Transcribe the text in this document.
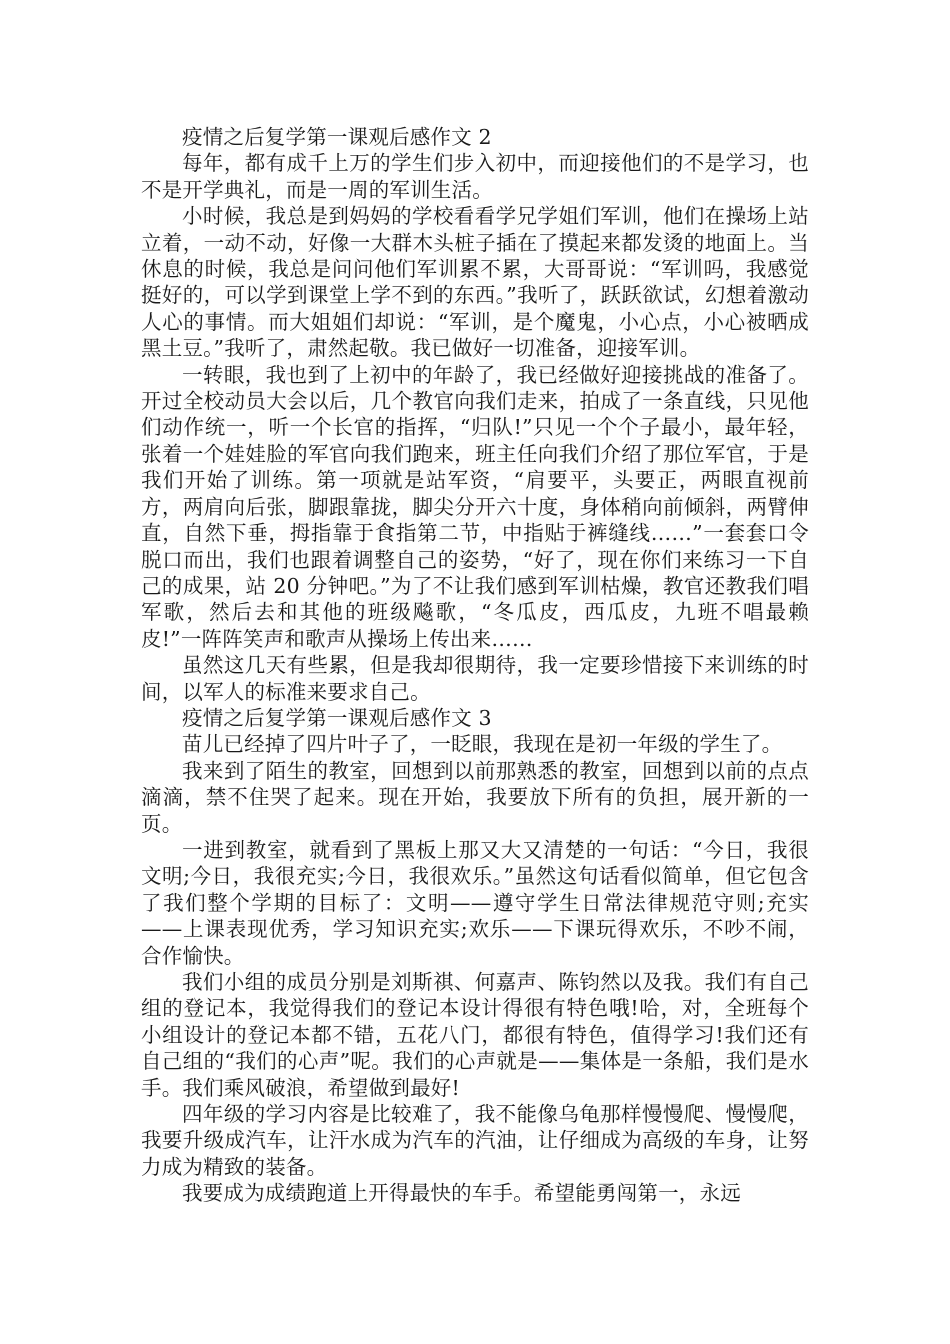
疫情之后复学第一课观后感作文 2

每年，都有成千上万的学生们步入初中，而迎接他们的不是学习，也不是开学典礼，而是一周的军训生活。

小时候，我总是到妈妈的学校看看学兄学姐们军训，他们在操场上站立着，一动不动，好像一大群木头桩子插在了摸起来都发烫的地面上。当休息的时候，我总是问问他们军训累不累，大哥哥说：“军训吗，我感觉挺好的，可以学到课堂上学不到的东西。”我听了，跃跃欲试，幻想着激动人心的事情。而大姐姐们却说：“军训，是个魔鬼，小心点，小心被晒成黑土豆。”我听了，肃然起敬。我已做好一切准备，迎接军训。

一转眼，我也到了上初中的年龄了，我已经做好迎接挑战的准备了。开过全校动员大会以后，几个教官向我们走来，拍成了一条直线，只见他们动作统一，听一个长官的指挥，“归队!”只见一个个子最小，最年轻，张着一个娃娃脸的军官向我们跑来，班主任向我们介绍了那位军官，于是我们开始了训练。第一项就是站军资，“肩要平，头要正，两眼直视前方，两肩向后张，脚跟靠拢，脚尖分开六十度，身体稍向前倾斜，两臂伸直，自然下垂，拇指靠于食指第二节，中指贴于裤缝线……”一套套口令脱口而出，我们也跟着调整自己的姿势，“好了，现在你们来练习一下自己的成果，站 20 分钟吧。”为了不让我们感到军训枯燥，教官还教我们唱军歌，然后去和其他的班级飚歌，“冬瓜皮，西瓜皮，九班不唱最赖皮!”一阵阵笑声和歌声从操场上传出来……

虽然这几天有些累，但是我却很期待，我一定要珍惜接下来训练的时间，以军人的标准来要求自己。

疫情之后复学第一课观后感作文 3

苗儿已经掉了四片叶子了，一眨眼，我现在是初一年级的学生了。

我来到了陌生的教室，回想到以前那熟悉的教室，回想到以前的点点滴滴，禁不住哭了起来。现在开始，我要放下所有的负担，展开新的一页。

一进到教室，就看到了黑板上那又大又清楚的一句话：“今日，我很文明;今日，我很充实;今日，我很欢乐。”虽然这句话看似简单，但它包含了我们整个学期的目标了：文明——遵守学生日常法律规范守则;充实——上课表现优秀，学习知识充实;欢乐——下课玩得欢乐，不吵不闹，合作愉快。

我们小组的成员分别是刘斯祺、何嘉声、陈钧然以及我。我们有自己组的登记本，我觉得我们的登记本设计得很有特色哦!哈，对，全班每个小组设计的登记本都不错，五花八门，都很有特色，值得学习!我们还有自己组的“我们的心声”呢。我们的心声就是——集体是一条船，我们是水手。我们乘风破浪，希望做到最好!

四年级的学习内容是比较难了，我不能像乌龟那样慢慢爬、慢慢爬，我要升级成汽车，让汗水成为汽车的汽油，让仔细成为高级的车身，让努力成为精致的装备。

我要成为成绩跑道上开得最快的车手。希望能勇闯第一，永远
